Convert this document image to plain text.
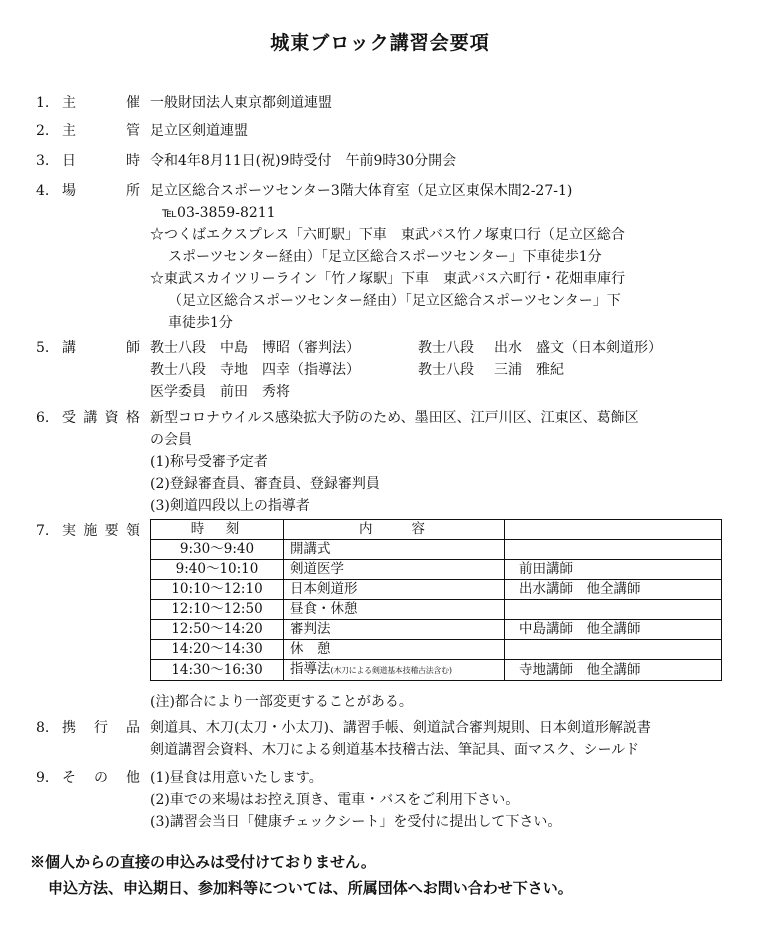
城東ブロック講習会要項
1. 主	催 一般財団法人東京都剣道連盟
2. 主	管 足立区剣道連盟
3. 日	時 令和4年8月11日(祝)9時受付　午前9時30分開会
4. 場	所 足立区総合スポーツセンター3階大体育室（足立区東保木間2-27-1)
℡03-3859-8211
☆つくばエクスプレス「六町駅」下車　東武バス竹ノ塚東口行（足立区総合
スポーツセンター経由）「足立区総合スポーツセンター」下車徒歩1分
☆東武スカイツリーライン「竹ノ塚駅」下車　東武バス六町行・花畑車庫行
（足立区総合スポーツセンター経由）「足立区総合スポーツセンター」下
車徒歩1分
5. 講	師 教士八段	中島　博昭（審判法）	教士八段	出水　盛文（日本剣道形）
教士八段	寺地　四幸（指導法）	教士八段	三浦　雅紀
医学委員	前田　秀将
6. 受 講 資 格 新型コロナウイルス感染拡大予防のため、墨田区、江戸川区、江東区、葛飾区
の会員
(1)称号受審予定者
(2)登録審査員、審査員、登録審判員
(3)剣道四段以上の指導者
7. 実 施 要 領	時　刻	内　　容	
9:30〜9:40	開講式	
9:40〜10:10	剣道医学	前田講師
10:10〜12:10	日本剣道形	出水講師　他全講師
12:10〜12:50	昼食・休憩	
12:50〜14:20	審判法	中島講師　他全講師
14:20〜14:30	休　憩	
14:30〜16:30	指導法(木刀による剣道基本技稽古法含む)	寺地講師　他全講師
(注)都合により一部変更することがある。
8. 携 行 品 剣道具、木刀(太刀・小太刀)、講習手帳、剣道試合審判規則、日本剣道形解説書
剣道講習会資料、木刀による剣道基本技稽古法、筆記具、面マスク、シールド
9. そ の 他 (1)昼食は用意いたします。
(2)車での来場はお控え頂き、電車・バスをご利用下さい。
(3)講習会当日「健康チェックシート」を受付に提出して下さい。
※個人からの直接の申込みは受付けておりません。
申込方法、申込期日、参加料等については、所属団体へお問い合わせ下さい。
